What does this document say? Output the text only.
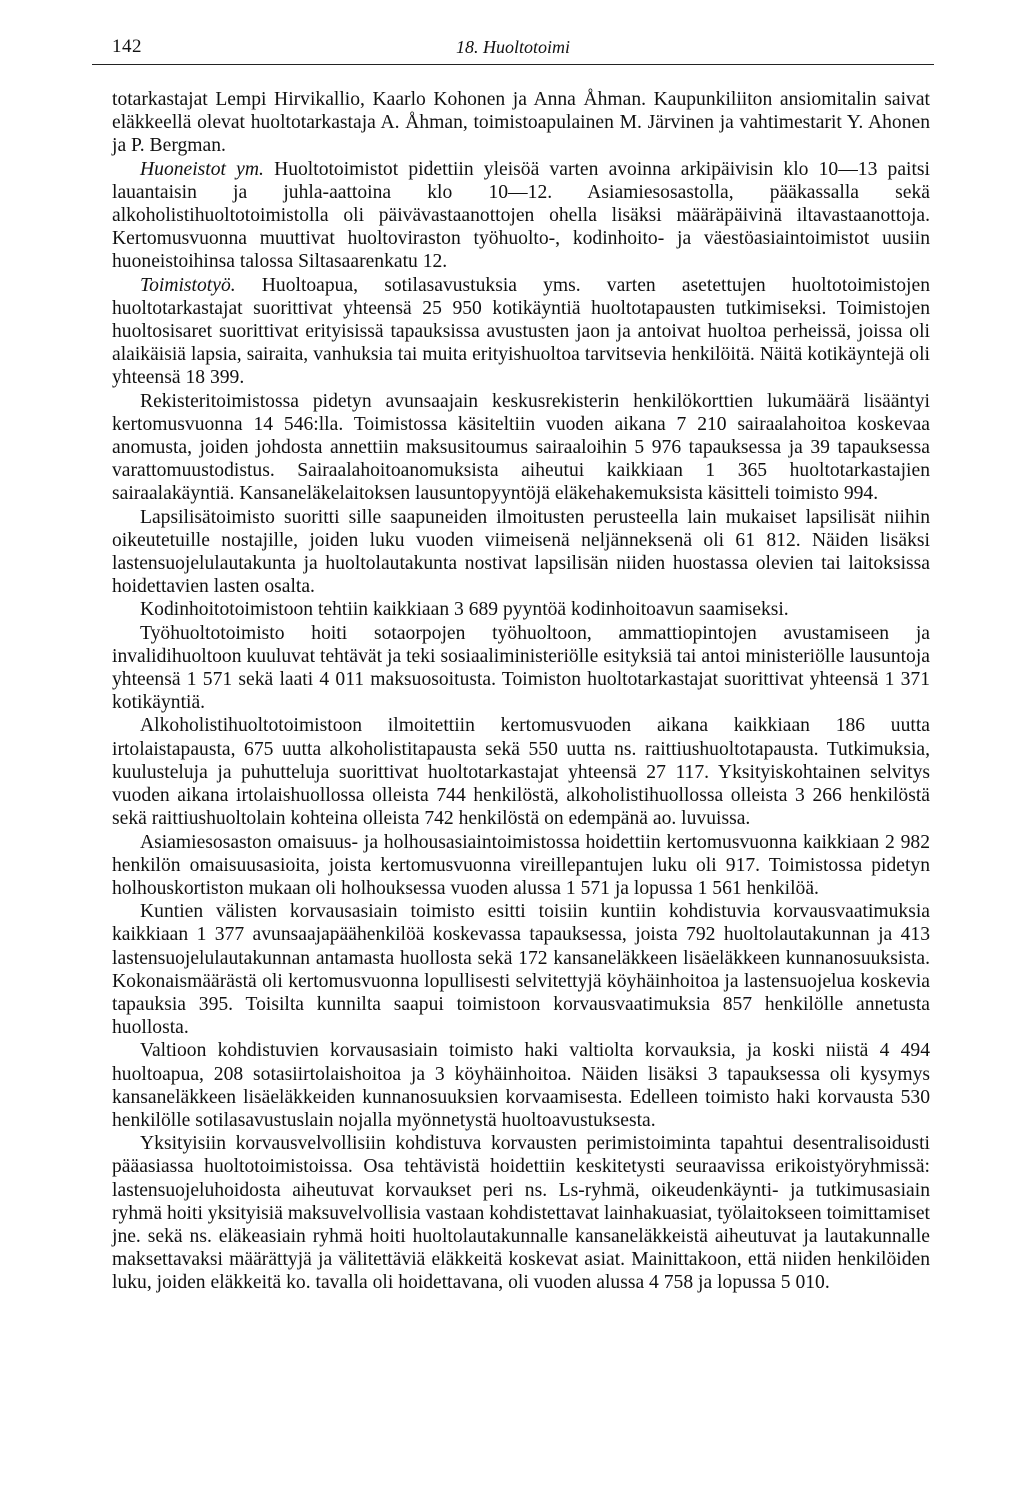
142	18. Huoltotoimi

totarkastajat Lempi Hirvikallio, Kaarlo Kohonen ja Anna Åhman. Kaupunkiliiton ansiomitalin saivat eläkkeellä olevat huoltotarkastaja A. Åhman, toimistoapulainen M. Järvinen ja vahtimestarit Y. Ahonen ja P. Bergman.

Huoneistot ym. Huoltotoimistot pidettiin yleisöä varten avoinna arkipäivisin klo 10—13 paitsi lauantaisin ja juhla-aattoina klo 10—12. Asiamiesosastolla, pääkassalla sekä alkoholistihuoltotoimistolla oli päivävastaanottojen ohella lisäksi määräpäivinä iltavastaanottoja. Kertomusvuonna muuttivat huoltoviraston työhuolto-, kodinhoito- ja väestöasiaintoimistot uusiin huoneistoihinsa talossa Siltasaarenkatu 12.

Toimistotyö. Huoltoapua, sotilasavustuksia yms. varten asetettujen huoltotoimistojen huoltotarkastajat suorittivat yhteensä 25 950 kotikäyntiä huoltotapausten tutkimiseksi. Toimistojen huoltosisaret suorittivat erityisissä tapauksissa avustusten jaon ja antoivat huoltoa perheissä, joissa oli alaikäisiä lapsia, sairaita, vanhuksia tai muita erityishuoltoa tarvitsevia henkilöitä. Näitä kotikäyntejä oli yhteensä 18 399.

Rekisteritoimistossa pidetyn avunsaajain keskusrekisterin henkilökorttien lukumäärä lisääntyi kertomusvuonna 14 546:lla. Toimistossa käsiteltiin vuoden aikana 7 210 sairaalahoitoa koskevaa anomusta, joiden johdosta annettiin maksusitoumus sairaaloihin 5 976 tapauksessa ja 39 tapauksessa varattomuustodistus. Sairaalahoitoanomuksista aiheutui kaikkiaan 1 365 huoltotarkastajien sairaalakäyntiä. Kansaneläkelaitoksen lausuntopyyntöjä eläkehakemuksista käsitteli toimisto 994.

Lapsilisätoimisto suoritti sille saapuneiden ilmoitusten perusteella lain mukaiset lapsilisät niihin oikeutetuille nostajille, joiden luku vuoden viimeisenä neljänneksenä oli 61 812. Näiden lisäksi lastensuojelulautakunta ja huoltolautakunta nostivat lapsilisän niiden huostassa olevien tai laitoksissa hoidettavien lasten osalta.

Kodinhoitotoimistoon tehtiin kaikkiaan 3 689 pyyntöä kodinhoitoavun saamiseksi.

Työhuoltotoimisto hoiti sotaorpojen työhuoltoon, ammattiopintojen avustamiseen ja invalidihuoltoon kuuluvat tehtävät ja teki sosiaaliministeriölle esityksiä tai antoi ministeriölle lausuntoja yhteensä 1 571 sekä laati 4 011 maksuosoitusta. Toimiston huoltotarkastajat suorittivat yhteensä 1 371 kotikäyntiä.

Alkoholistihuoltotoimistoon ilmoitettiin kertomusvuoden aikana kaikkiaan 186 uutta irtolaistapausta, 675 uutta alkoholistitapausta sekä 550 uutta ns. raittiushuoltotapausta. Tutkimuksia, kuulusteluja ja puhutteluja suorittivat huoltotarkastajat yhteensä 27 117. Yksityiskohtainen selvitys vuoden aikana irtolaishuollossa olleista 744 henkilöstä, alkoholistihuollossa olleista 3 266 henkilöstä sekä raittiushuoltolain kohteina olleista 742 henkilöstä on edempänä ao. luvuissa.

Asiamiesosaston omaisuus- ja holhousasiaintoimistossa hoidettiin kertomusvuonna kaikkiaan 2 982 henkilön omaisuusasioita, joista kertomusvuonna vireillepantujen luku oli 917. Toimistossa pidetyn holhouskortiston mukaan oli holhouksessa vuoden alussa 1 571 ja lopussa 1 561 henkilöä.

Kuntien välisten korvausasiain toimisto esitti toisiin kuntiin kohdistuvia korvausvaatimuksia kaikkiaan 1 377 avunsaajapäähenkilöä koskevassa tapauksessa, joista 792 huoltolautakunnan ja 413 lastensuojelulautakunnan antamasta huollosta sekä 172 kansaneläkkeen lisäeläkkeen kunnanosuuksista. Kokonaismäärästä oli kertomusvuonna lopullisesti selvitettyjä köyhäinhoitoa ja lastensuojelua koskevia tapauksia 395. Toisilta kunnilta saapui toimistoon korvausvaatimuksia 857 henkilölle annetusta huollosta.

Valtioon kohdistuvien korvausasiain toimisto haki valtiolta korvauksia, ja koski niistä 4 494 huoltoapua, 208 sotasiirtolaishoitoa ja 3 köyhäinhoitoa. Näiden lisäksi 3 tapauksessa oli kysymys kansaneläkkeen lisäeläkkeiden kunnanosuuksien korvaamisesta. Edelleen toimisto haki korvausta 530 henkilölle sotilasavustuslain nojalla myönnetystä huoltoavustuksesta.

Yksityisiin korvausvelvollisiin kohdistuva korvausten perimistoiminta tapahtui desentralisoidusti pääasiassa huoltotoimistoissa. Osa tehtävistä hoidettiin keskitetysti seuraavissa erikoistyöryhmissä: lastensuojeluhoidosta aiheutuvat korvaukset peri ns. Ls-ryhmä, oikeudenkäynti- ja tutkimusasiain ryhmä hoiti yksityisiä maksuvelvollisia vastaan kohdistettavat lainhakuasiat, työlaitokseen toimittamiset jne. sekä ns. eläkeasiain ryhmä hoiti huoltolautakunnalle kansaneläkkeistä aiheutuvat ja lautakunnalle maksettavaksi määrättyjä ja välitettäviä eläkkeitä koskevat asiat. Mainittakoon, että niiden henkilöiden luku, joiden eläkkeitä ko. tavalla oli hoidettavana, oli vuoden alussa 4 758 ja lopussa 5 010.
